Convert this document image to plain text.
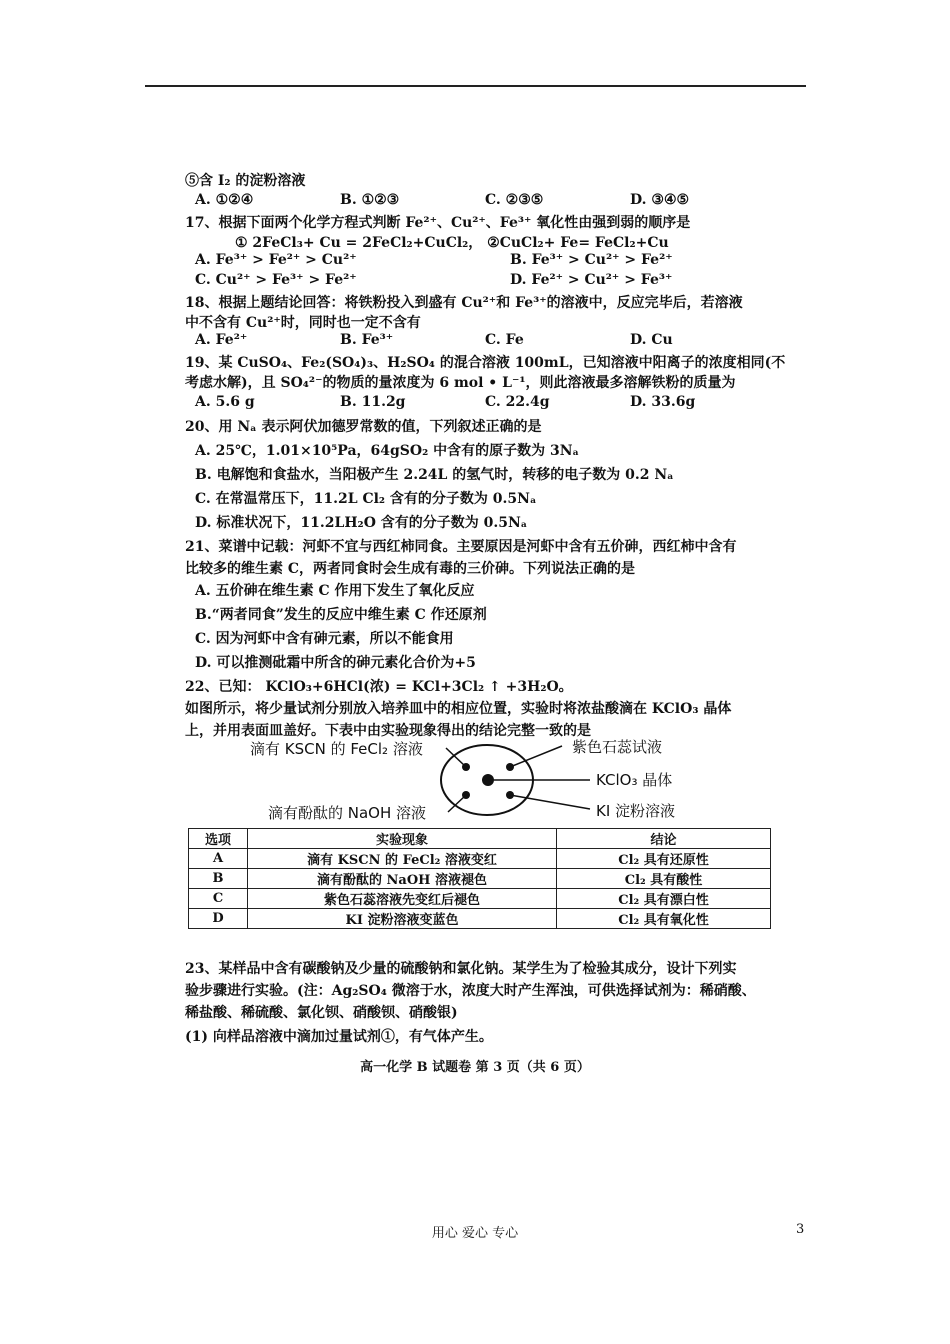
⑤含 I₂ 的淀粉溶液
A. ①②④	B. ①②③	C. ②③⑤	D. ③④⑤
17、根据下面两个化学方程式判断 Fe²⁺、Cu²⁺、Fe³⁺ 氧化性由强到弱的顺序是
① 2FeCl₃+ Cu = 2FeCl₂+CuCl₂， ②CuCl₂+ Fe= FeCl₂+Cu
A. Fe³⁺ > Fe²⁺ > Cu²⁺	B. Fe³⁺ > Cu²⁺ > Fe²⁺
C. Cu²⁺ > Fe³⁺ > Fe²⁺	D. Fe²⁺ > Cu²⁺ > Fe³⁺
18、根据上题结论回答：将铁粉投入到盛有 Cu²⁺和 Fe³⁺的溶液中，反应完毕后，若溶液
中不含有 Cu²⁺时，同时也一定不含有
A. Fe²⁺	B. Fe³⁺	C. Fe	D. Cu
19、某 CuSO₄、Fe₂(SO₄)₃、H₂SO₄ 的混合溶液 100mL，已知溶液中阳离子的浓度相同(不
考虑水解)，且 SO₄²⁻的物质的量浓度为 6 mol • L⁻¹，则此溶液最多溶解铁粉的质量为
A. 5.6 g	B. 11.2g	C. 22.4g	D. 33.6g
20、用 Nₐ 表示阿伏加德罗常数的值，下列叙述正确的是
A. 25℃，1.01×10⁵Pa，64gSO₂ 中含有的原子数为 3Nₐ
B. 电解饱和食盐水，当阳极产生 2.24L 的氢气时，转移的电子数为 0.2 Nₐ
C. 在常温常压下，11.2L Cl₂ 含有的分子数为 0.5Nₐ
D. 标准状况下，11.2LH₂O 含有的分子数为 0.5Nₐ
21、菜谱中记载：河虾不宜与西红柿同食。主要原因是河虾中含有五价砷，西红柿中含有
比较多的维生素 C，两者同食时会生成有毒的三价砷。下列说法正确的是
A. 五价砷在维生素 C 作用下发生了氧化反应
B.“两者同食”发生的反应中维生素 C 作还原剂
C. 因为河虾中含有砷元素，所以不能食用
D. 可以推测砒霜中所含的砷元素化合价为+5
22、已知： KClO₃+6HCl(浓) = KCl+3Cl₂ ↑ +3H₂O。
如图所示，将少量试剂分别放入培养皿中的相应位置，实验时将浓盐酸滴在 KClO₃ 晶体
上，并用表面皿盖好。下表中由实验现象得出的结论完整一致的是
滴有 KSCN 的 FeCl₂ 溶液	紫色石蕊试液
KClO₃ 晶体
滴有酚酞的 NaOH 溶液	KI 淀粉溶液
选项	实验现象	结论
A	滴有 KSCN 的 FeCl₂ 溶液变红	Cl₂ 具有还原性
B	滴有酚酞的 NaOH 溶液褪色	Cl₂ 具有酸性
C	紫色石蕊溶液先变红后褪色	Cl₂ 具有漂白性
D	KI 淀粉溶液变蓝色	Cl₂ 具有氧化性
23、某样品中含有碳酸钠及少量的硫酸钠和氯化钠。某学生为了检验其成分，设计下列实
验步骤进行实验。(注：Ag₂SO₄ 微溶于水，浓度大时产生浑浊，可供选择试剂为：稀硝酸、
稀盐酸、稀硫酸、氯化钡、硝酸钡、硝酸银)
(1) 向样品溶液中滴加过量试剂①，有气体产生。
高一化学 B 试题卷 第 3 页（共 6 页）
用心 爱心 专心	3
